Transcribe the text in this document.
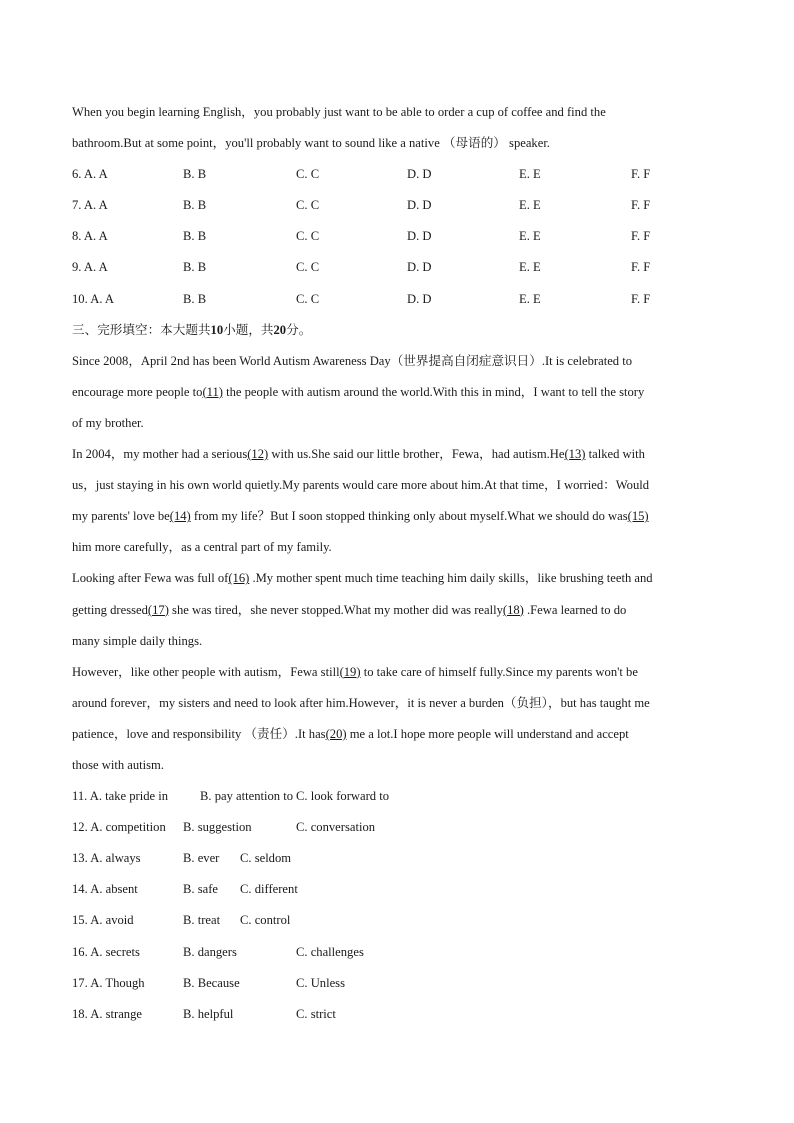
When you begin learning English，you probably just want to be able to order a cup of coffee and find the
bathroom.But at some point，you'll probably want to sound like a native （母语的） speaker.
6. A. A	B. B	C. C	D. D	E. E	F. F
7. A. A	B. B	C. C	D. D	E. E	F. F
8. A. A	B. B	C. C	D. D	E. E	F. F
9. A. A	B. B	C. C	D. D	E. E	F. F
10. A. A	B. B	C. C	D. D	E. E	F. F
三、完形填空：本大题共10小题，共20分。
Since 2008，April 2nd has been World Autism Awareness Day（世界提高自闭症意识日）.It is celebrated to
encourage more people to(11) the people with autism around the world.With this in mind，I want to tell the story
of my brother.
In 2004，my mother had a serious(12) with us.She said our little brother，Fewa，had autism.He(13) talked with
us，just staying in his own world quietly.My parents would care more about him.At that time，I worried：Would
my parents' love be(14) from my life？But I soon stopped thinking only about myself.What we should do was(15)
him more carefully，as a central part of my family.
Looking after Fewa was full of(16) .My mother spent much time teaching him daily skills，like brushing teeth and
getting dressed(17) she was tired，she never stopped.What my mother did was really(18) .Fewa learned to do
many simple daily things.
However，like other people with autism，Fewa still(19) to take care of himself fully.Since my parents won't be
around forever，my sisters and need to look after him.However，it is never a burden（负担），but has taught me
patience，love and responsibility （责任）.It has(20) me a lot.I hope more people will understand and accept
those with autism.
11. A. take pride in	B. pay attention to C. look forward to
12. A. competition B. suggestion	C. conversation
13. A. always	B. ever C. seldom
14. A. absent	B. safe C. different
15. A. avoid	B. treat C. control
16. A. secrets	B. dangers	C. challenges
17. A. Though	B. Because	C. Unless
18. A. strange	B. helpful	C. strict
